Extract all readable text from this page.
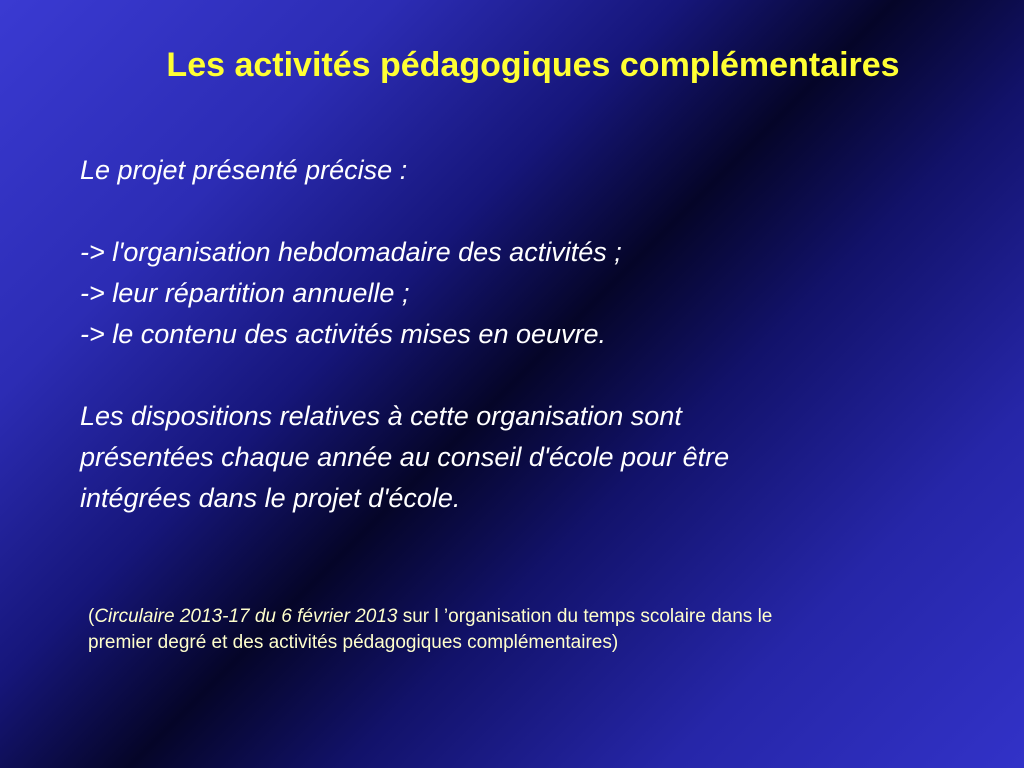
Les activités pédagogiques complémentaires
Le projet présenté précise :
-> l'organisation hebdomadaire des activités ;
-> leur répartition annuelle ;
-> le contenu des activités mises en oeuvre.
Les dispositions relatives à cette organisation sont
présentées chaque année au conseil d'école pour être
intégrées dans le projet d'école.
(Circulaire 2013-17 du 6 février 2013 sur l ’organisation du temps scolaire dans le
premier degré et des activités pédagogiques complémentaires)
